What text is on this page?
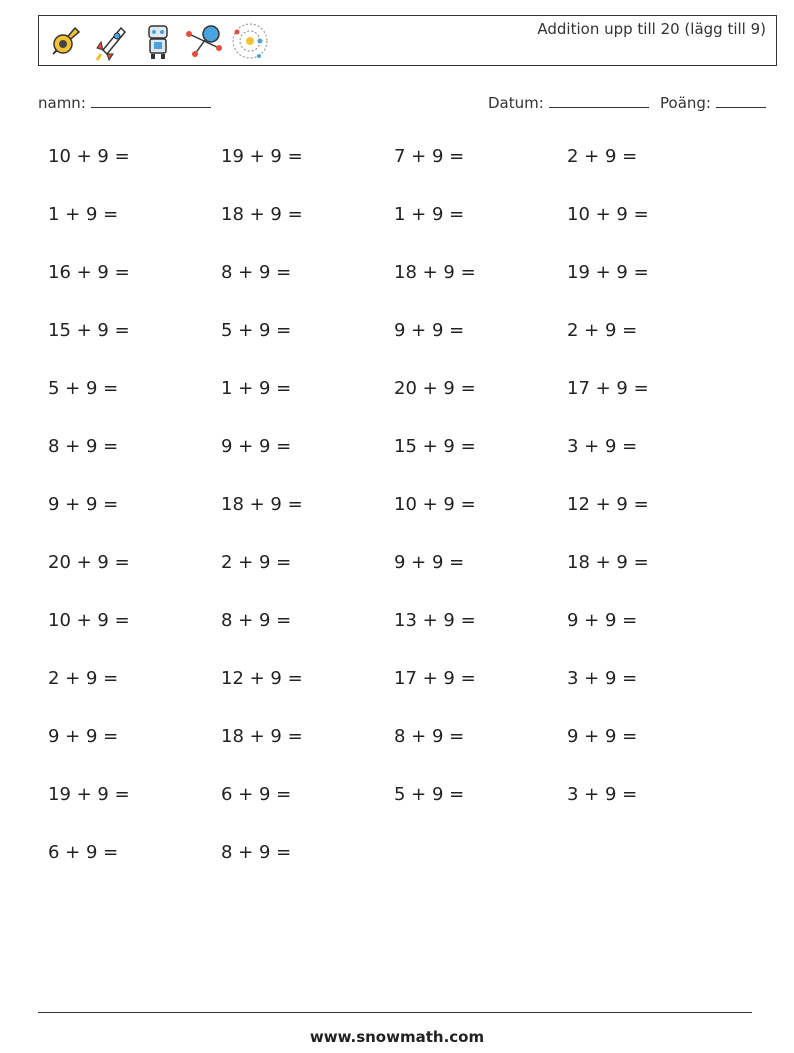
Addition upp till 20 (lägg till 9)
namn:	Datum:	Poäng:
10 + 9 =	19 + 9 =	7 + 9 =	2 + 9 =
1 + 9 =	18 + 9 =	1 + 9 =	10 + 9 =
16 + 9 =	8 + 9 =	18 + 9 =	19 + 9 =
15 + 9 =	5 + 9 =	9 + 9 =	2 + 9 =
5 + 9 =	1 + 9 =	20 + 9 =	17 + 9 =
8 + 9 =	9 + 9 =	15 + 9 =	3 + 9 =
9 + 9 =	18 + 9 =	10 + 9 =	12 + 9 =
20 + 9 =	2 + 9 =	9 + 9 =	18 + 9 =
10 + 9 =	8 + 9 =	13 + 9 =	9 + 9 =
2 + 9 =	12 + 9 =	17 + 9 =	3 + 9 =
9 + 9 =	18 + 9 =	8 + 9 =	9 + 9 =
19 + 9 =	6 + 9 =	5 + 9 =	3 + 9 =
6 + 9 =	8 + 9 =
www.snowmath.com
